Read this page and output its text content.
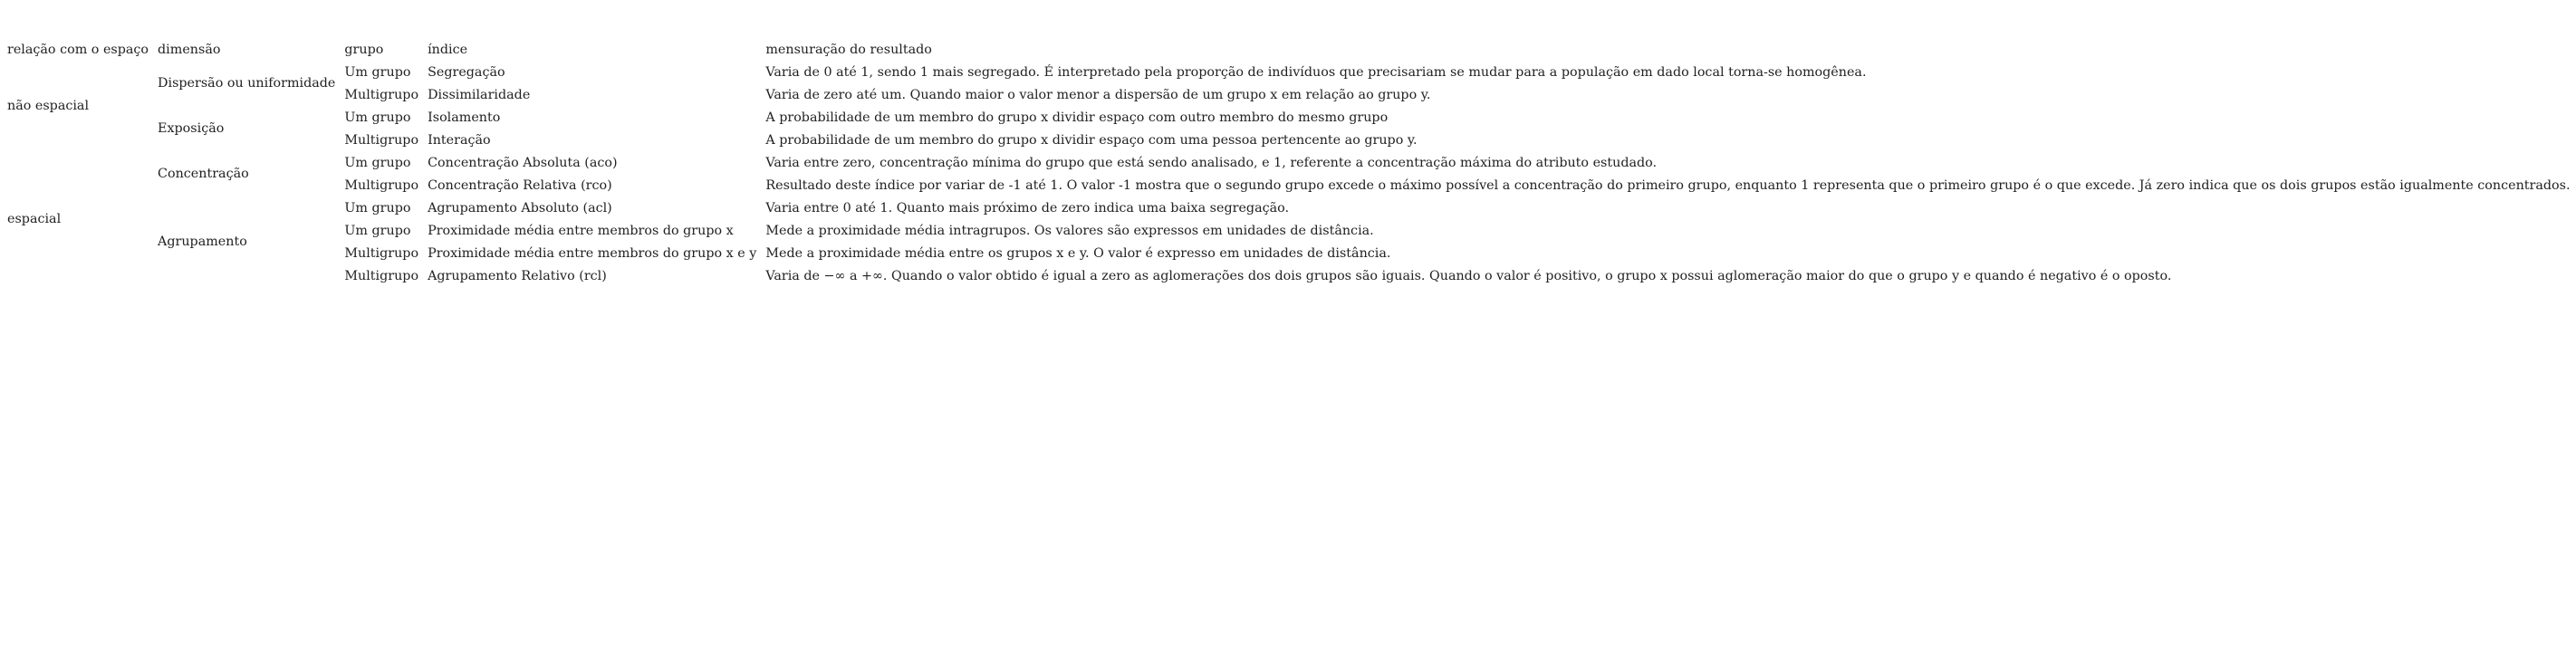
relação com o espaço	dimensão	grupo	índice	mensuração do resultado
não espacial	Dispersão ou uniformidade	Um grupo	Segregação	Varia de 0 até 1, sendo 1 mais segregado. É interpretado pela proporção de indivíduos que precisariam se mudar para a população em dado local torna-se homogênea.
		Multigrupo	Dissimilaridade	Varia de zero até um. Quando maior o valor menor a dispersão de um grupo x em relação ao grupo y.
	Exposição	Um grupo	Isolamento	A probabilidade de um membro do grupo x dividir espaço com outro membro do mesmo grupo
		Multigrupo	Interação	A probabilidade de um membro do grupo x dividir espaço com uma pessoa pertencente ao grupo y.
espacial	Concentração	Um grupo	Concentração Absoluta (aco)	Varia entre zero, concentração mínima do grupo que está sendo analisado, e 1, referente a concentração máxima do atributo estudado.
		Multigrupo	Concentração Relativa (rco)	Resultado deste índice por variar de -1 até 1. O valor -1 mostra que o segundo grupo excede o máximo possível a concentração do primeiro grupo, enquanto 1 representa que o primeiro grupo é o que excede. Já zero indica que os dois grupos estão igualmente concentrados.
	Agrupamento	Um grupo	Agrupamento Absoluto (acl)	Varia entre 0 até 1. Quanto mais próximo de zero indica uma baixa segregação.
		Um grupo	Proximidade média entre membros do grupo x	Mede a proximidade média intragrupos. Os valores são expressos em unidades de distância.
		Multigrupo	Proximidade média entre membros do grupo x e y	Mede a proximidade média entre os grupos x e y. O valor é expresso em unidades de distância.
		Multigrupo	Agrupamento Relativo (rcl)	Varia de −∞ a +∞. Quando o valor obtido é igual a zero as aglomerações dos dois grupos são iguais. Quando o valor é positivo, o grupo x possui aglomeração maior do que o grupo y e quando é negativo é o oposto.
